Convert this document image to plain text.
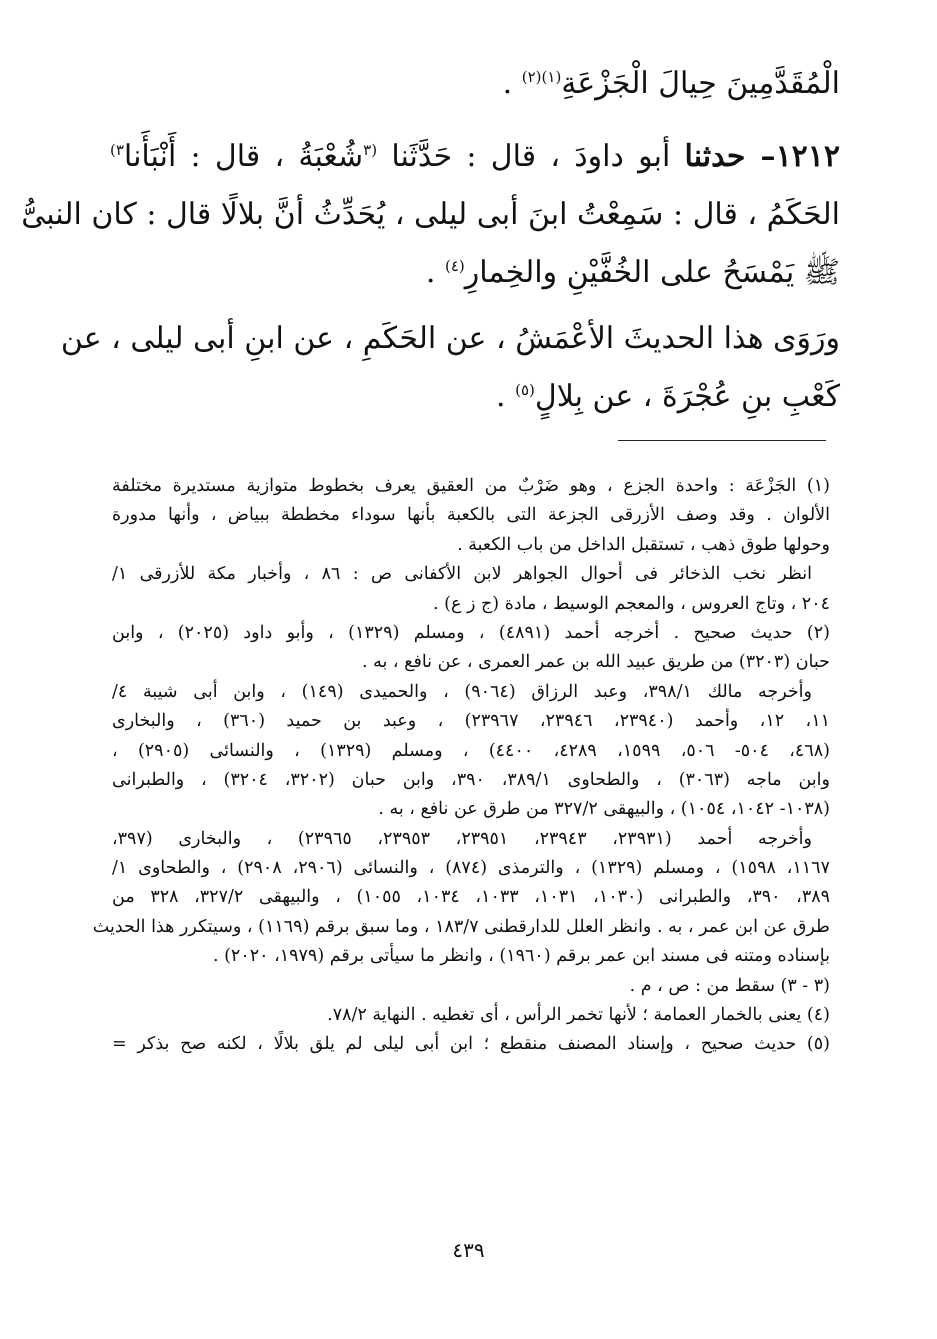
الْمُقَدَّمِينَ حِيالَ الْجَزْعَةِ$^{(١)(٢)}$ .
١٢١٢– حدثنا أبو داودَ ، قال : حَدَّثَنا $^{(٣}$شُعْبَةُ ، قال : أَنْبَأَنا$^{٣)}$
الحَكَمُ ، قال : سَمِعْتُ ابنَ أبى ليلى ، يُحَدِّثُ أنَّ بلالًا قال : كان النبىُّ
ﷺ يَمْسَحُ على الخُفَّيْنِ والخِمارِ$^{(٤)}$ .
ورَوَى هذا الحديثَ الأعْمَشُ ، عن الحَكَمِ ، عن ابنِ أبى ليلى ، عن
كَعْبِ بنِ عُجْرَةَ ، عن بِلالٍ$^{(٥)}$ .
(١) الجَزْعَة : واحدة الجزع ، وهو ضَرْبٌ من العقيق يعرف بخطوط متوازية مستديرة مختلفة
الألوان . وقد وصف الأزرقى الجزعة التى بالكعبة بأنها سوداء مخططة ببياض ، وأنها مدورة
وحولها طوق ذهب ، تستقبل الداخل من باب الكعبة .
انظر نخب الذخائر فى أحوال الجواهر لابن الأكفانى ص : ٨٦ ، وأخبار مكة للأزرقى ١/
٢٠٤ ، وتاج العروس ، والمعجم الوسيط ، مادة (ج ز ع) .
(٢) حديث صحيح . أخرجه أحمد (٤٨٩١) ، ومسلم (١٣٢٩) ، وأبو داود (٢٠٢٥) ، وابن
حبان (٣٢٠٣) من طريق عبيد الله بن عمر العمرى ، عن نافع ، به .
وأخرجه مالك ٣٩٨/١، وعبد الرزاق (٩٠٦٤) ، والحميدى (١٤٩) ، وابن أبى شيبة ٤/
١١، ١٢، وأحمد (٢٣٩٤٠، ٢٣٩٤٦، ٢٣٩٦٧) ، وعبد بن حميد (٣٦٠) ، والبخارى
(٤٦٨، ٥٠٤- ٥٠٦، ١٥٩٩، ٤٢٨٩، ٤٤٠٠) ، ومسلم (١٣٢٩) ، والنسائى (٢٩٠٥) ،
وابن ماجه (٣٠٦٣) ، والطحاوى ٣٨٩/١، ٣٩٠، وابن حبان (٣٢٠٢، ٣٢٠٤) ، والطبرانى
(١٠٣٨- ١٠٤٢، ١٠٥٤) ، والبيهقى ٣٢٧/٢ من طرق عن نافع ، به .
وأخرجه أحمد (٢٣٩٣١، ٢٣٩٤٣، ٢٣٩٥١، ٢٣٩٥٣، ٢٣٩٦٥) ، والبخارى (٣٩٧،
١١٦٧، ١٥٩٨) ، ومسلم (١٣٢٩) ، والترمذى (٨٧٤) ، والنسائى (٢٩٠٦، ٢٩٠٨) ، والطحاوى ١/
٣٨٩، ٣٩٠، والطبرانى (١٠٣٠، ١٠٣١، ١٠٣٣، ١٠٣٤، ١٠٥٥) ، والبيهقى ٣٢٧/٢، ٣٢٨ من
طرق عن ابن عمر ، به . وانظر العلل للدارقطنى ١٨٣/٧ ، وما سبق برقم (١١٦٩) ، وسيتكرر هذا الحديث
بإسناده ومتنه فى مسند ابن عمر برقم (١٩٦٠) ، وانظر ما سيأتى برقم (١٩٧٩، ٢٠٢٠) .
(٣ - ٣) سقط من : ص ، م .
(٤) يعنى بالخمار العمامة ؛ لأنها تخمر الرأس ، أى تغطيه . النهاية ٧٨/٢.
(٥) حديث صحيح ، وإسناد المصنف منقطع ؛ ابن أبى ليلى لم يلق بلالًا ، لكنه صح بذكر =
٤٣٩
